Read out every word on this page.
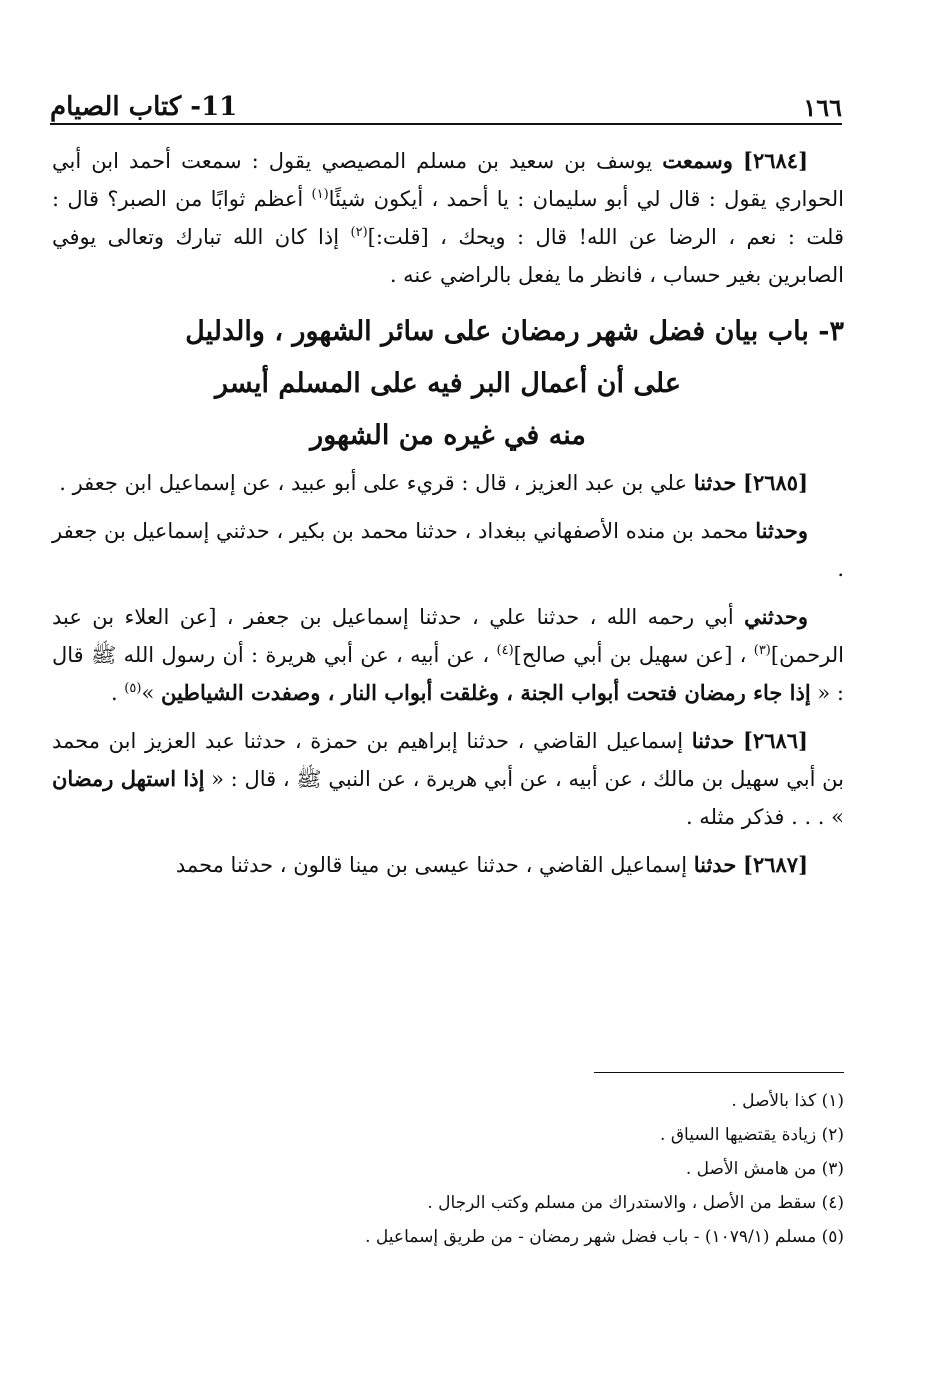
11- كتاب الصيام	١٦٦

[٢٦٨٤] وسمعت يوسف بن سعيد بن مسلم المصيصي يقول : سمعت أحمد ابن أبي الحواري يقول : قال لي أبو سليمان : يا أحمد ، أيكون شيئًا$^{(١)}$ أعظم ثوابًا من الصبر؟ قال : قلت : نعم ، الرضا عن الله! قال : ويحك ، [قلت:]$^{(٢)}$ إذا كان الله تبارك وتعالى يوفي الصابرين بغير حساب ، فانظر ما يفعل بالراضي عنه .

٣- باب بيان فضل شهر رمضان على سائر الشهور ، والدليل
على أن أعمال البر فيه على المسلم أيسر
منه في غيره من الشهور

[٢٦٨٥] حدثنا علي بن عبد العزيز ، قال : قريء على أبو عبيد ، عن إسماعيل ابن جعفر .

وحدثنا محمد بن منده الأصفهاني ببغداد ، حدثنا محمد بن بكير ، حدثني إسماعيل بن جعفر .

وحدثني أبي رحمه الله ، حدثنا علي ، حدثنا إسماعيل بن جعفر ، [عن العلاء بن عبد الرحمن]$^{(٣)}$ ، [عن سهيل بن أبي صالح]$^{(٤)}$ ، عن أبيه ، عن أبي هريرة : أن رسول الله ﷺ قال : « إذا جاء رمضان فتحت أبواب الجنة ، وغلقت أبواب النار ، وصفدت الشياطين »$^{(٥)}$ .

[٢٦٨٦] حدثنا إسماعيل القاضي ، حدثنا إبراهيم بن حمزة ، حدثنا عبد العزيز ابن محمد بن أبي سهيل بن مالك ، عن أبيه ، عن أبي هريرة ، عن النبي ﷺ ، قال : « إذا استهل رمضان » . . . فذكر مثله .

[٢٦٨٧] حدثنا إسماعيل القاضي ، حدثنا عيسى بن مينا قالون ، حدثنا محمد

(١) كذا بالأصل .
(٢) زيادة يقتضيها السياق .
(٣) من هامش الأصل .
(٤) سقط من الأصل ، والاستدراك من مسلم وكتب الرجال .
(٥) مسلم (١٠٧٩/١) - باب فضل شهر رمضان - من طريق إسماعيل .
